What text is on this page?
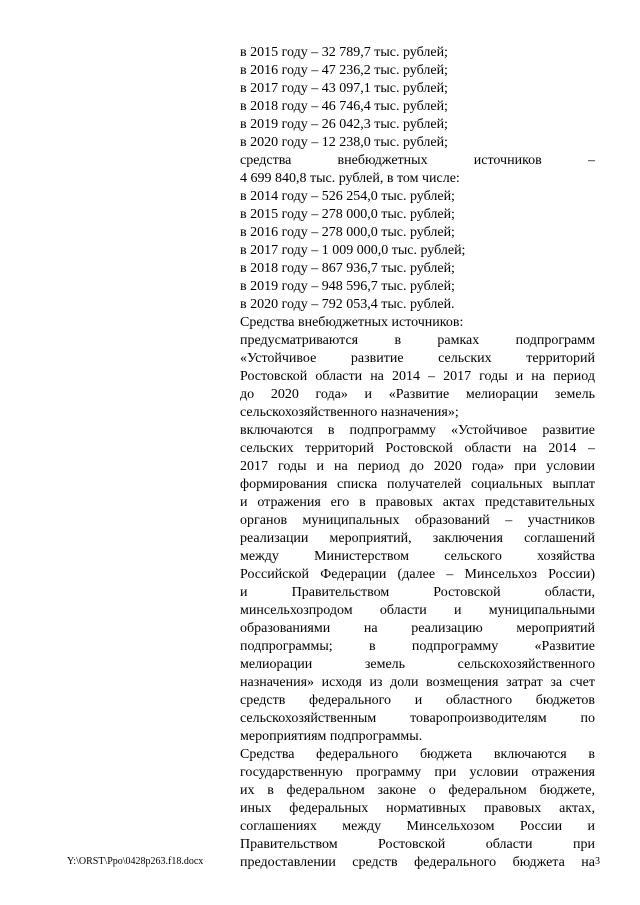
в 2015 году – 32 789,7 тыс. рублей;
в 2016 году – 47 236,2 тыс. рублей;
в 2017 году – 43 097,1 тыс. рублей;
в 2018 году – 46 746,4 тыс. рублей;
в 2019 году – 26 042,3 тыс. рублей;
в 2020 году – 12 238,0 тыс. рублей;
средства внебюджетных источников –
4 699 840,8 тыс. рублей, в том числе:
в 2014 году – 526 254,0 тыс. рублей;
в 2015 году – 278 000,0 тыс. рублей;
в 2016 году – 278 000,0 тыс. рублей;
в 2017 году – 1 009 000,0 тыс. рублей;
в 2018 году – 867 936,7 тыс. рублей;
в 2019 году – 948 596,7 тыс. рублей;
в 2020 году – 792 053,4 тыс. рублей.
Средства внебюджетных источников:
предусматриваются в рамках подпрограмм
«Устойчивое развитие сельских территорий
Ростовской области на 2014 – 2017 годы и на период
до 2020 года» и «Развитие мелиорации земель
сельскохозяйственного назначения»;
включаются в подпрограмму «Устойчивое развитие
сельских территорий Ростовской области на 2014 –
2017 годы и на период до 2020 года» при условии
формирования списка получателей социальных выплат
и отражения его в правовых актах представительных
органов муниципальных образований – участников
реализации мероприятий, заключения соглашений
между Министерством сельского хозяйства
Российской Федерации (далее – Минсельхоз России)
и Правительством Ростовской области,
минсельхозпродом области и муниципальными
образованиями на реализацию мероприятий
подпрограммы; в подпрограмму «Развитие
мелиорации земель сельскохозяйственного
назначения» исходя из доли возмещения затрат за счет
средств федерального и областного бюджетов
сельскохозяйственным товаропроизводителям по
мероприятиям подпрограммы.
Средства федерального бюджета включаются в
государственную программу при условии отражения
их в федеральном законе о федеральном бюджете,
иных федеральных нормативных правовых актах,
соглашениях между Минсельхозом России и
Правительством Ростовской области при
предоставлении средств федерального бюджета на
Y:\ORST\Ppo\0428p263.f18.docx	3
